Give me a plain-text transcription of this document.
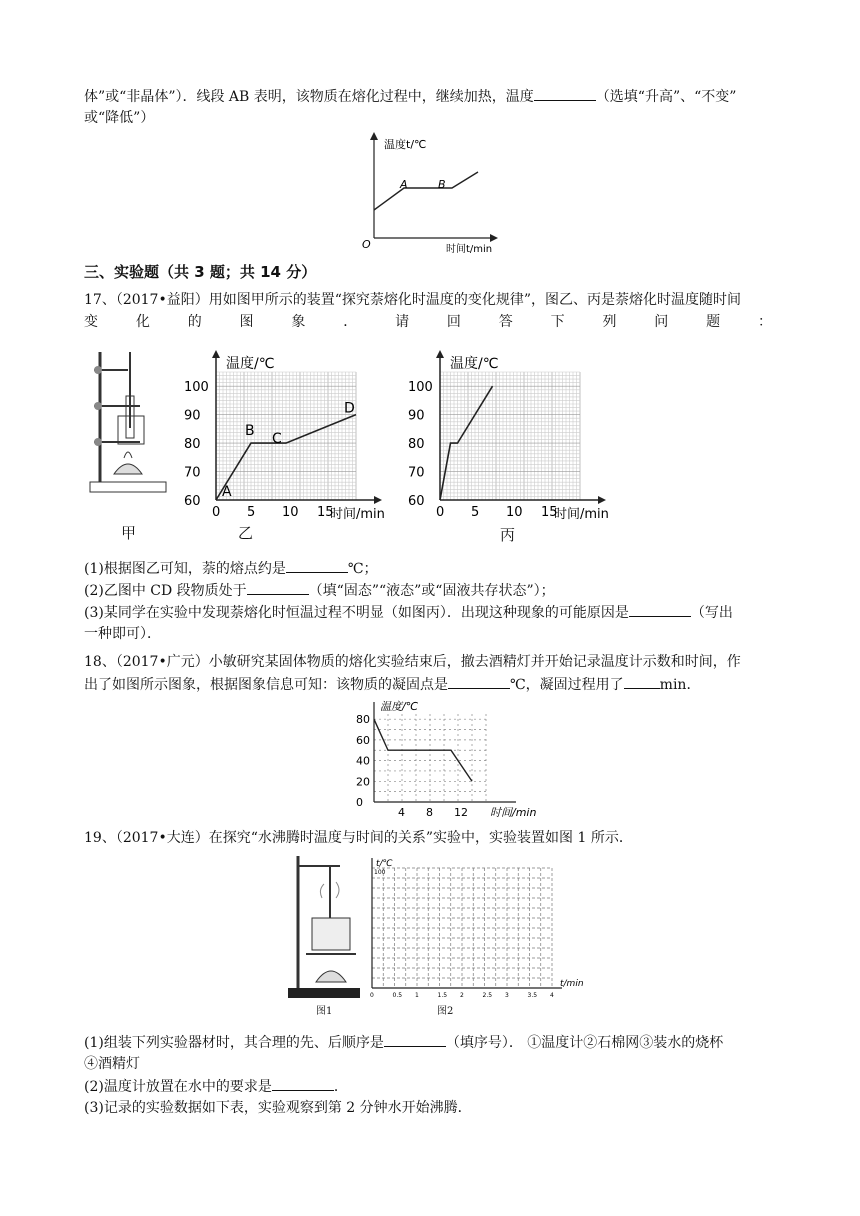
体”或“非晶体”）．线段 AB 表明，该物质在熔化过程中，继续加热，温度	（选填“升高”、“不变”
或“降低”）
温度t/℃
时间t/min
O
A	B
三、实验题（共 3 题；共 14 分）
17、（2017•益阳）用如图甲所示的装置“探究萘熔化时温度的变化规律”，图乙、丙是萘熔化时温度随时间
变	化	的	图	象	．	请	回	答	下	列	问	题	：
甲
0 5 10 15
60
70
80
90
100
温度/℃
时间/min
A
B C
D
乙
0 5 10 15
60
70
80
90
100
温度/℃
时间/min
丙
(1)根据图乙可知，萘的熔点约是	℃；
(2)乙图中 CD 段物质处于	（填“固态”“液态”或“固液共存状态”）；
(3)某同学在实验中发现萘熔化时恒温过程不明显（如图丙）．出现这种现象的可能原因是	（写出
一种即可）．
18、（2017•广元）小敏研究某固体物质的熔化实验结束后，撤去酒精灯并开始记录温度计示数和时间，作
出了如图所示图象，根据图象信息可知：该物质的凝固点是	℃，凝固过程用了	min．
4 8 12
0
20
40
60
80
温度/℃
时间/min
19、（2017•大连）在探究“水沸腾时温度与时间的关系”实验中，实验装置如图 1 所示．
图1
t/℃
t/min
100
0	0.5 1	1.5 2	2.5 3	3.5 4
图2
(1)组装下列实验器材时，其合理的先、后顺序是	（填序号）． ①温度计②石棉网③装水的烧杯
④酒精灯
(2)温度计放置在水中的要求是	．
(3)记录的实验数据如下表，实验观察到第 2 分钟水开始沸腾．
